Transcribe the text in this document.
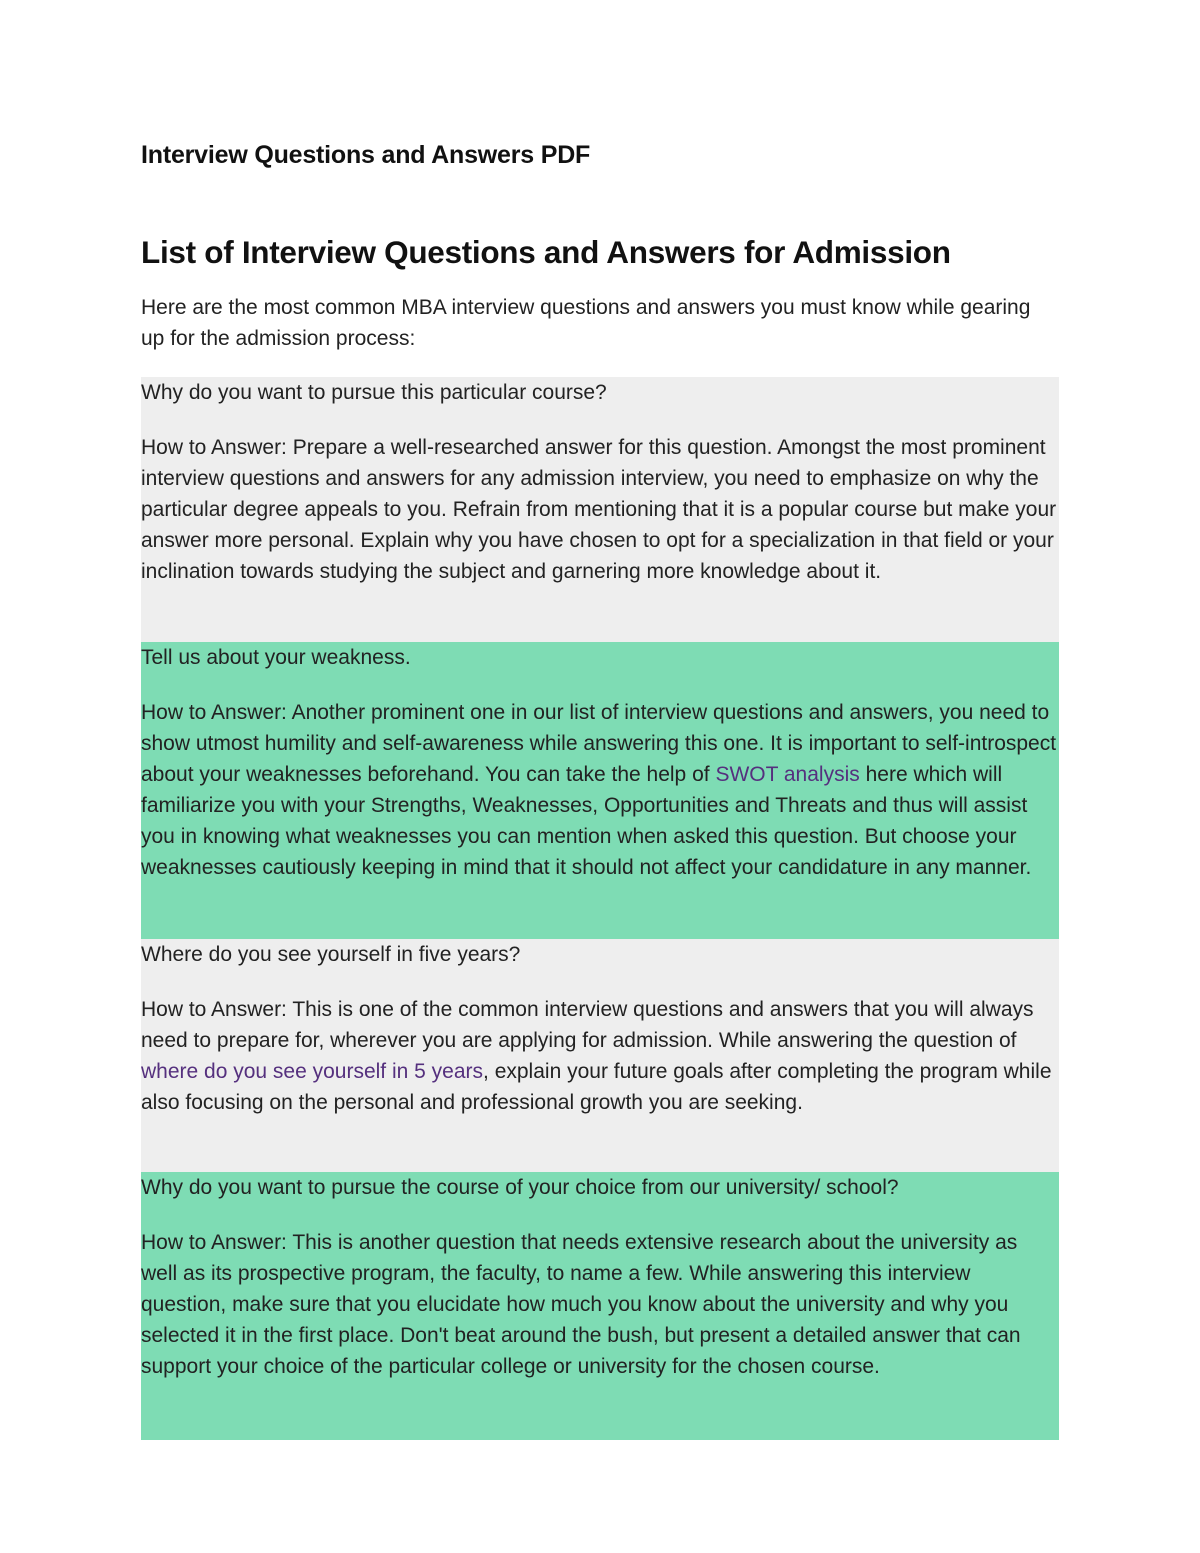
Interview Questions and Answers PDF
List of Interview Questions and Answers for Admission

Here are the most common MBA interview questions and answers you must know while gearing up for the admission process:

Why do you want to pursue this particular course?

How to Answer: Prepare a well-researched answer for this question. Amongst the most prominent interview questions and answers for any admission interview, you need to emphasize on why the particular degree appeals to you. Refrain from mentioning that it is a popular course but make your answer more personal. Explain why you have chosen to opt for a specialization in that field or your inclination towards studying the subject and garnering more knowledge about it.

Tell us about your weakness.

How to Answer: Another prominent one in our list of interview questions and answers, you need to show utmost humility and self-awareness while answering this one. It is important to self-introspect about your weaknesses beforehand. You can take the help of SWOT analysis here which will familiarize you with your Strengths, Weaknesses, Opportunities and Threats and thus will assist you in knowing what weaknesses you can mention when asked this question. But choose your weaknesses cautiously keeping in mind that it should not affect your candidature in any manner.

Where do you see yourself in five years?

How to Answer: This is one of the common interview questions and answers that you will always need to prepare for, wherever you are applying for admission. While answering the question of where do you see yourself in 5 years, explain your future goals after completing the program while also focusing on the personal and professional growth you are seeking.

Why do you want to pursue the course of your choice from our university/ school?

How to Answer: This is another question that needs extensive research about the university as well as its prospective program, the faculty, to name a few. While answering this interview question, make sure that you elucidate how much you know about the university and why you selected it in the first place. Don't beat around the bush, but present a detailed answer that can support your choice of the particular college or university for the chosen course.
